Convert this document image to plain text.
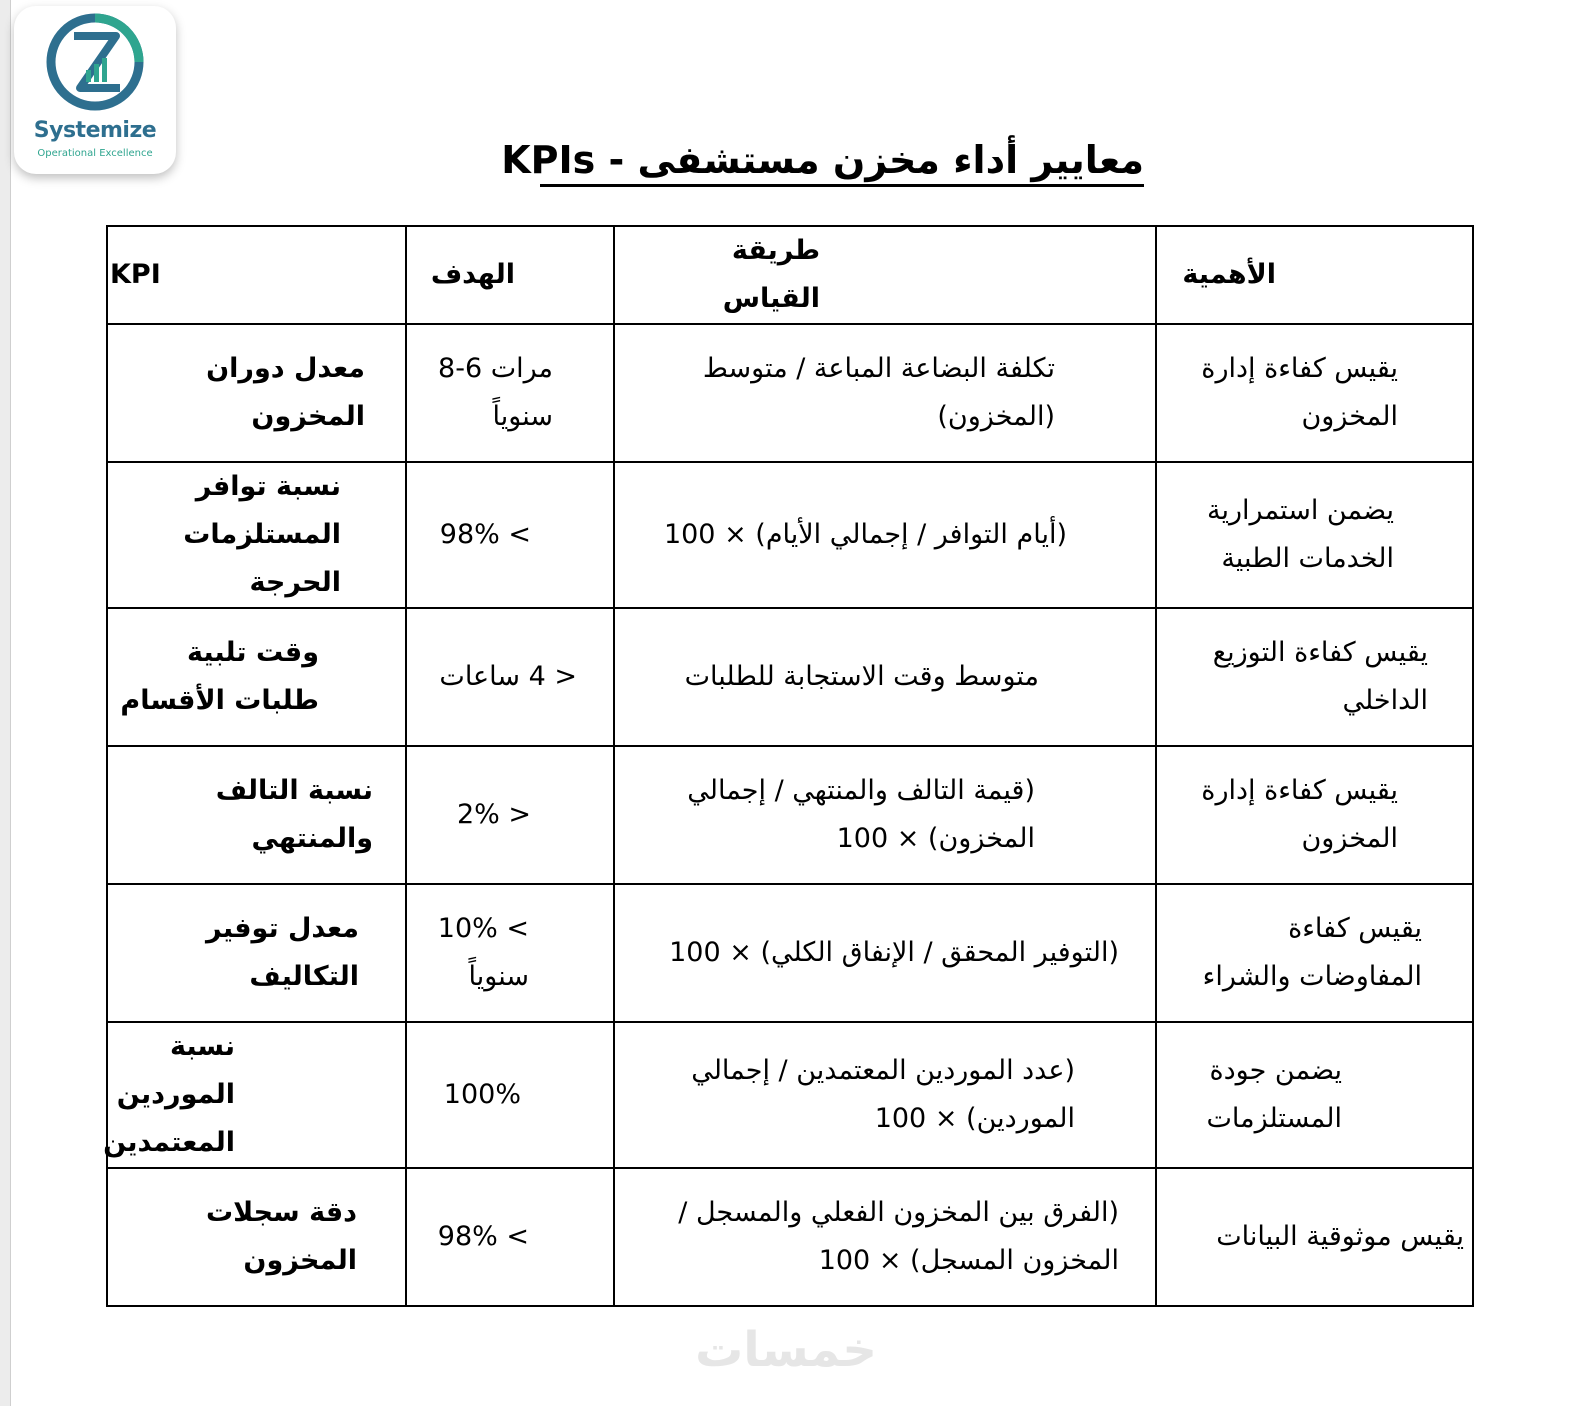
Systemize
Operational Excellence	معايير أداء مخزن مستشفى - KPIs
KPI	الهدف	طريقة القياس	الأهمية
معدل دوران المخزون	مرات 6-8 سنوياً	تكلفة البضاعة المباعة / متوسط (المخزون)	يقيس كفاءة إدارة المخزون
نسبة توافر المستلزمات الحرجة	> 98%	(أيام التوافر / إجمالي الأيام) × 100	يضمن استمرارية الخدمات الطبية
وقت تلبية طلبات الأقسام	< 4 ساعات	متوسط وقت الاستجابة للطلبات	يقيس كفاءة التوزيع الداخلي
نسبة التالف والمنتهي	< 2%	(قيمة التالف والمنتهي / إجمالي المخزون) × 100	يقيس كفاءة إدارة المخزون
معدل توفير التكاليف	> 10% سنوياً	(التوفير المحقق / الإنفاق الكلي) × 100	يقيس كفاءة المفاوضات والشراء
نسبة الموردين المعتمدين	100%	(عدد الموردين المعتمدين / إجمالي الموردين) × 100	يضمن جودة المستلزمات
دقة سجلات المخزون	> 98%	(الفرق بين المخزون الفعلي والمسجل / المخزون المسجل) × 100	يقيس موثوقية البيانات
خمسات
